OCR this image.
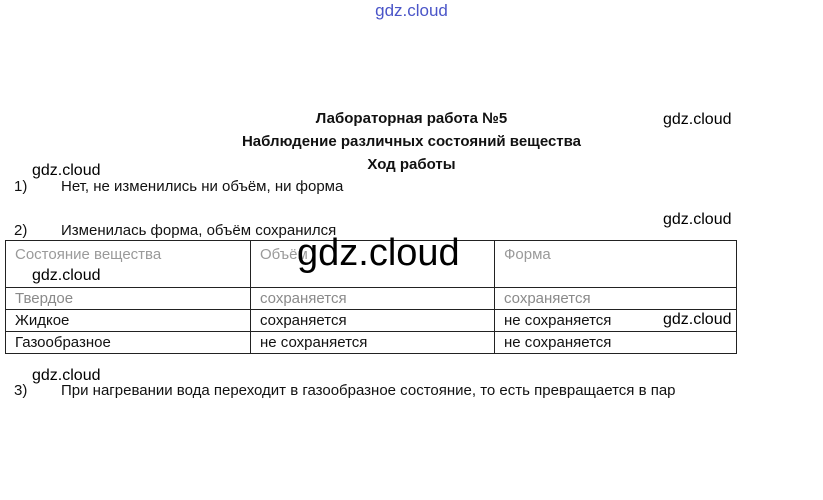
gdz.cloud
Лабораторная работа №5
Наблюдение различных состояний вещества
Ход работы
1) Нет, не изменились ни объём, ни форма
2) Изменилась форма, объём сохранился
Состояние вещества	Объём	Форма
Твердое	сохраняется	сохраняется
Жидкое	сохраняется	не сохраняется
Газообразное	не сохраняется	не сохраняется
3) При нагревании вода переходит в газообразное состояние, то есть превращается в пар
gdz.cloud
gdz.cloud
gdz.cloud
gdz.cloud
gdz.cloud
gdz.cloud
gdz.cloud
